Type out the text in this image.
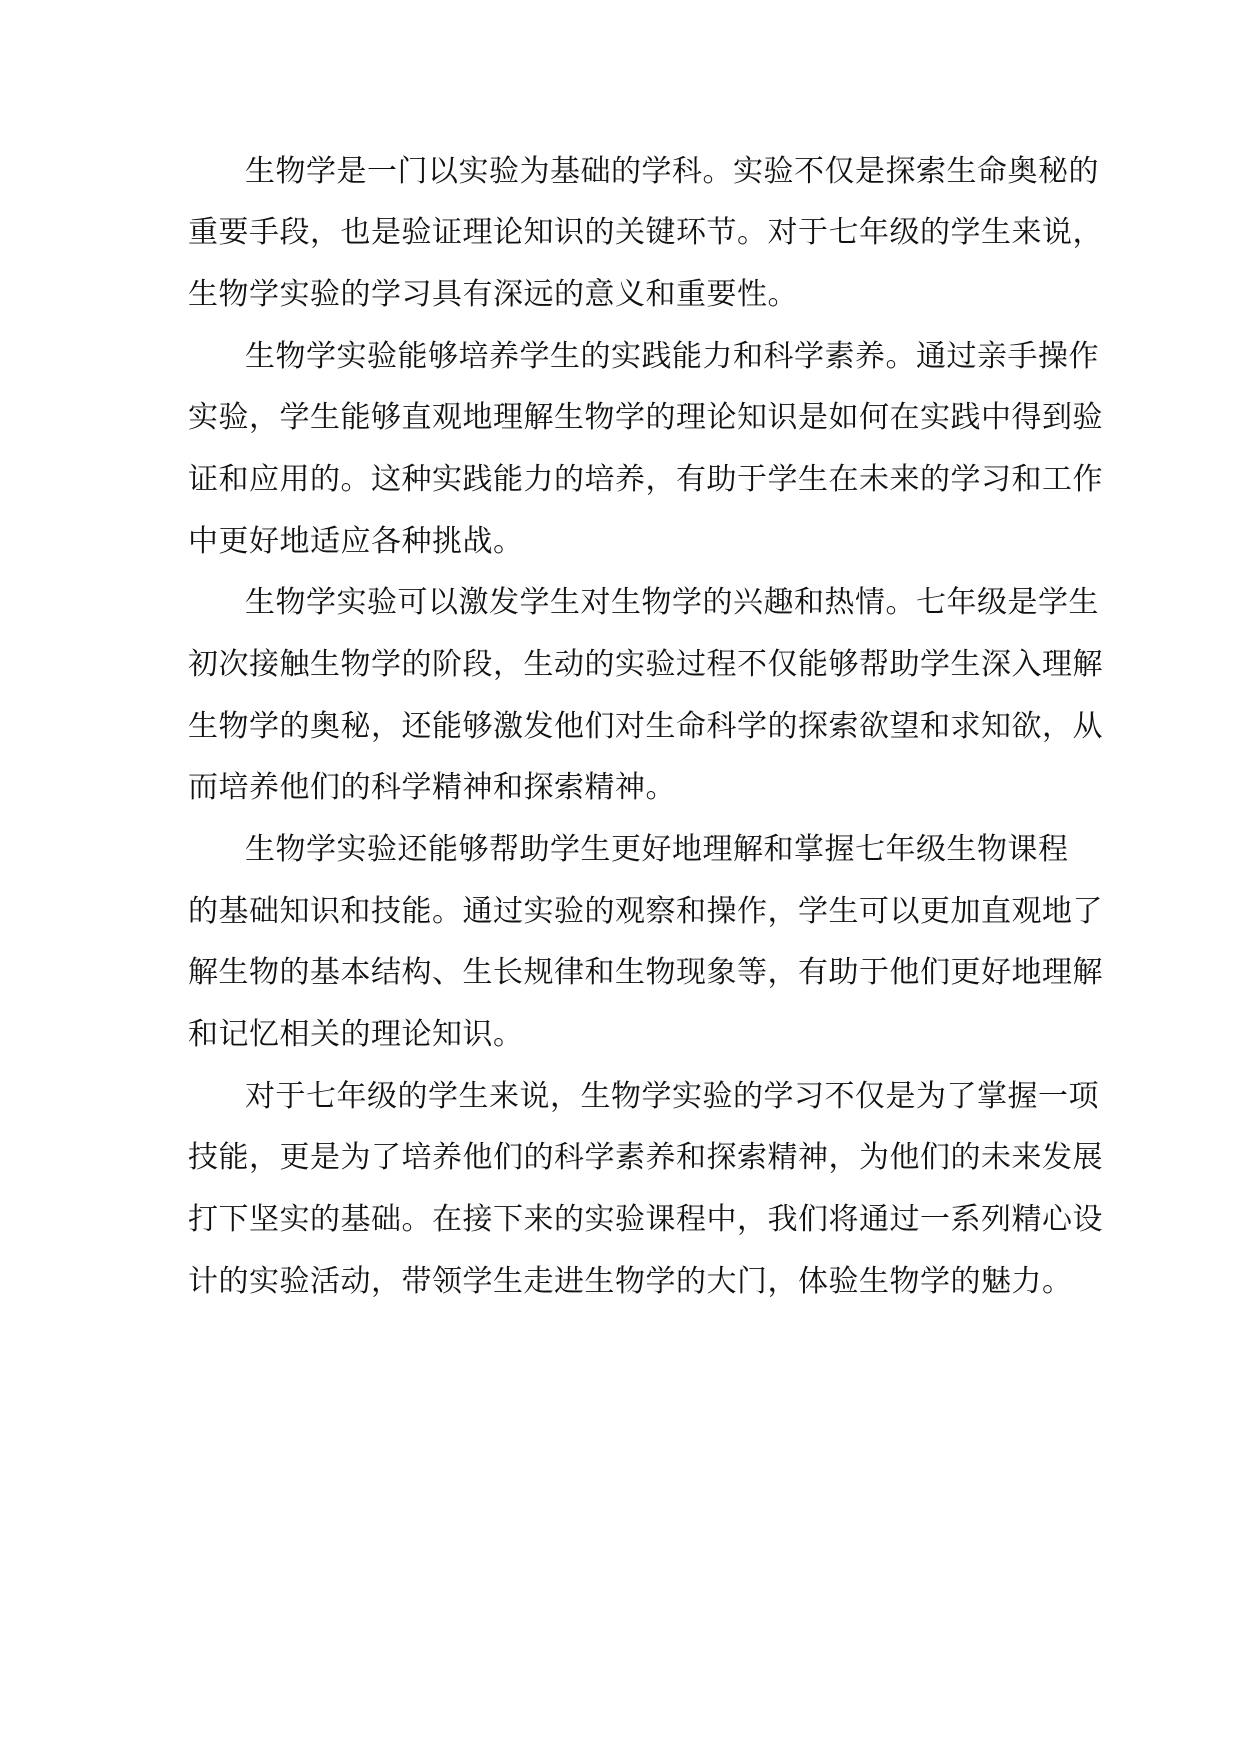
生物学是一门以实验为基础的学科。实验不仅是探索生命奥秘的
重要手段，也是验证理论知识的关键环节。对于七年级的学生来说，
生物学实验的学习具有深远的意义和重要性。
生物学实验能够培养学生的实践能力和科学素养。通过亲手操作
实验，学生能够直观地理解生物学的理论知识是如何在实践中得到验
证和应用的。这种实践能力的培养，有助于学生在未来的学习和工作
中更好地适应各种挑战。
生物学实验可以激发学生对生物学的兴趣和热情。七年级是学生
初次接触生物学的阶段，生动的实验过程不仅能够帮助学生深入理解
生物学的奥秘，还能够激发他们对生命科学的探索欲望和求知欲，从
而培养他们的科学精神和探索精神。
生物学实验还能够帮助学生更好地理解和掌握七年级生物课程
的基础知识和技能。通过实验的观察和操作，学生可以更加直观地了
解生物的基本结构、生长规律和生物现象等，有助于他们更好地理解
和记忆相关的理论知识。
对于七年级的学生来说，生物学实验的学习不仅是为了掌握一项
技能，更是为了培养他们的科学素养和探索精神，为他们的未来发展
打下坚实的基础。在接下来的实验课程中，我们将通过一系列精心设
计的实验活动，带领学生走进生物学的大门，体验生物学的魅力。
